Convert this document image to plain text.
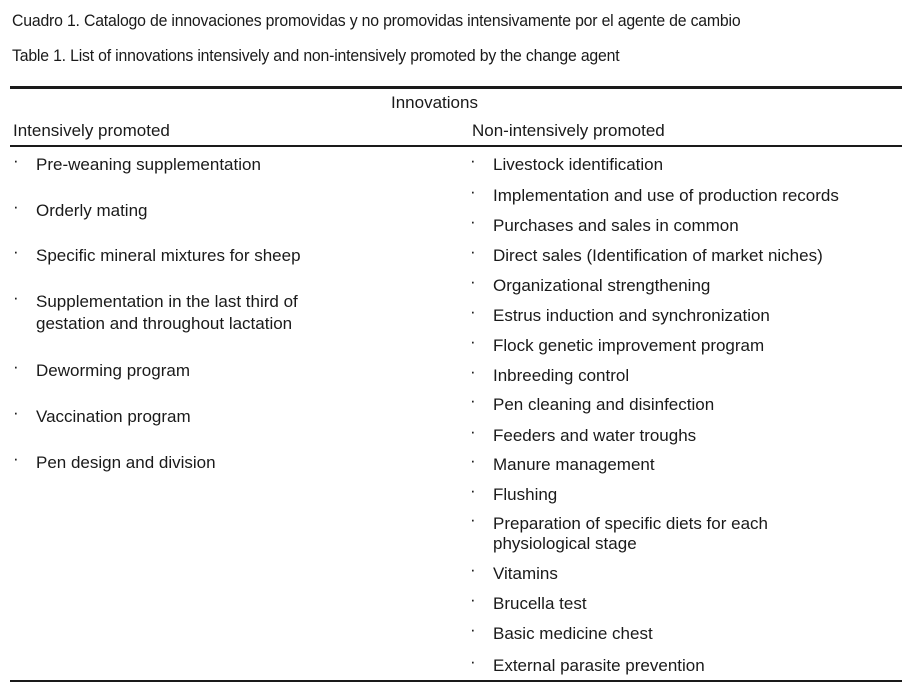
Cuadro 1. Catalogo de innovaciones promovidas y no promovidas intensivamente por el agente de cambio
Table 1. List of innovations intensively and non-intensively promoted by the change agent
Innovations
Intensively promoted	Non-intensively promoted
· Pre-weaning supplementation
· Orderly mating
· Specific mineral mixtures for sheep
· Supplementation in the last third of gestation and throughout lactation
· Deworming program
· Vaccination program
· Pen design and division
· Livestock identification
· Implementation and use of production records
· Purchases and sales in common
· Direct sales (Identification of market niches)
· Organizational strengthening
· Estrus induction and synchronization
· Flock genetic improvement program
· Inbreeding control
· Pen cleaning and disinfection
· Feeders and water troughs
· Manure management
· Flushing
· Preparation of specific diets for each physiological stage
· Vitamins
· Brucella test
· Basic medicine chest
· External parasite prevention
